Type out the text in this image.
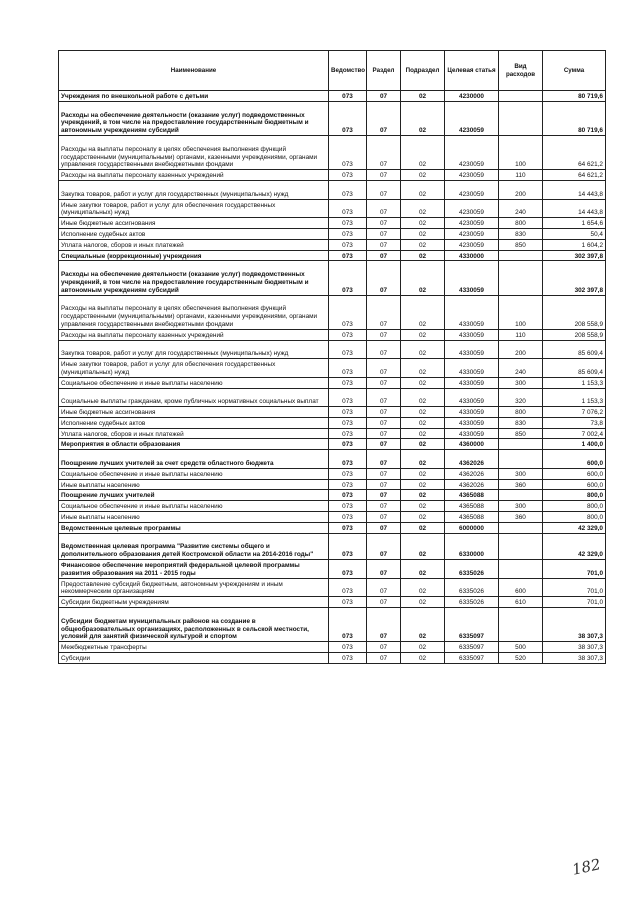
Наименование	Ведомство	Раздел	Подраздел	Целевая статья	Вид расходов	Сумма
Учреждения по внешкольной работе с детьми	073	07	02	4230000		80 719,6
Расходы на обеспечение деятельности (оказание услуг) подведомственных учреждений, в том числе на предоставление государственным бюджетным и автономным учреждениям субсидий	073	07	02	4230059		80 719,6
Расходы на выплаты персоналу в целях обеспечения выполнения функций государственными (муниципальными) органами, казенными учреждениями, органами управления государственными внебюджетными фондами	073	07	02	4230059	100	64 621,2
Расходы на выплаты персоналу казенных учреждений	073	07	02	4230059	110	64 621,2
Закупка товаров, работ и услуг для государственных (муниципальных) нужд	073	07	02	4230059	200	14 443,8
Иные закупки товаров, работ и услуг для обеспечения государственных (муниципальных) нужд	073	07	02	4230059	240	14 443,8
Иные бюджетные ассигнования	073	07	02	4230059	800	1 654,6
Исполнение судебных актов	073	07	02	4230059	830	50,4
Уплата налогов, сборов и иных платежей	073	07	02	4230059	850	1 604,2
Специальные (коррекционные) учреждения	073	07	02	4330000		302 397,8
Расходы на обеспечение деятельности (оказание услуг) подведомственных учреждений, в том числе на предоставление государственным бюджетным и автономным учреждениям субсидий	073	07	02	4330059		302 397,8
Расходы на выплаты персоналу в целях обеспечения выполнения функций государственными (муниципальными) органами, казенными учреждениями, органами управления государственными внебюджетными фондами	073	07	02	4330059	100	208 558,9
Расходы на выплаты персоналу казенных учреждений	073	07	02	4330059	110	208 558,9
Закупка товаров, работ и услуг для государственных (муниципальных) нужд	073	07	02	4330059	200	85 609,4
Иные закупки товаров, работ и услуг для обеспечения государственных (муниципальных) нужд	073	07	02	4330059	240	85 609,4
Социальное обеспечение и иные выплаты населению	073	07	02	4330059	300	1 153,3
Социальные выплаты гражданам, кроме публичных нормативных социальных выплат	073	07	02	4330059	320	1 153,3
Иные бюджетные ассигнования	073	07	02	4330059	800	7 076,2
Исполнение судебных актов	073	07	02	4330059	830	73,8
Уплата налогов, сборов и иных платежей	073	07	02	4330059	850	7 002,4
Мероприятия в области образования	073	07	02	4360000		1 400,0
Поощрение лучших учителей за счет средств областного бюджета	073	07	02	4362026		600,0
Социальное обеспечение и иные выплаты населению	073	07	02	4362026	300	600,0
Иные выплаты населению	073	07	02	4362026	360	600,0
Поощрение лучших учителей	073	07	02	4365088		800,0
Социальное обеспечение и иные выплаты населению	073	07	02	4365088	300	800,0
Иные выплаты населению	073	07	02	4365088	360	800,0
Ведомственные целевые программы	073	07	02	6000000		42 329,0
Ведомственная целевая программа "Развитие системы общего и дополнительного образования детей Костромской области на 2014-2016 годы"	073	07	02	6330000		42 329,0
Финансовое обеспечение мероприятий федеральной целевой программы развития образования на 2011 - 2015 годы	073	07	02	6335026		701,0
Предоставление субсидий бюджетным, автономным учреждениям и иным некоммерческим организациям	073	07	02	6335026	600	701,0
Субсидии бюджетным учреждениям	073	07	02	6335026	610	701,0
Субсидии бюджетам муниципальных районов на создание в общеобразовательных организациях, расположенных в сельской местности, условий для занятий физической культурой и спортом	073	07	02	6335097		38 307,3
Межбюджетные трансферты	073	07	02	6335097	500	38 307,3
Субсидии	073	07	02	6335097	520	38 307,3
182
